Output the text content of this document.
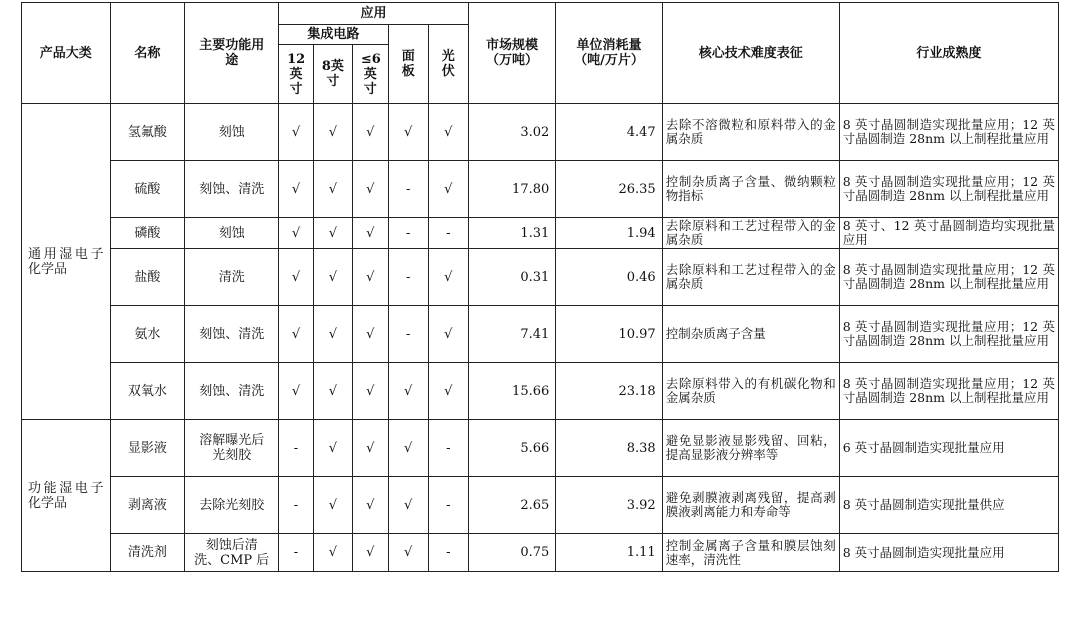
产品大类	名称	主要功能用途	应用					市场规模（万吨）	单位消耗量（吨/万片）	核心技术难度表征	行业成熟度
			集成电路			面板	光伏				
			12英寸	8英寸	≤6英寸						
通用湿电子化学品	氢氟酸	刻蚀	√	√	√	√	√	3.02	4.47	去除不溶微粒和原料带入的金属杂质	8 英寸晶圆制造实现批量应用；12 英寸晶圆制造 28nm 以上制程批量应用
	硫酸	刻蚀、清洗	√	√	√	-	√	17.80	26.35	控制杂质离子含量、微纳颗粒物指标	8 英寸晶圆制造实现批量应用；12 英寸晶圆制造 28nm 以上制程批量应用
	磷酸	刻蚀	√	√	√	-	-	1.31	1.94	去除原料和工艺过程带入的金属杂质	8 英寸、12 英寸晶圆制造均实现批量应用
	盐酸	清洗	√	√	√	-	√	0.31	0.46	去除原料和工艺过程带入的金属杂质	8 英寸晶圆制造实现批量应用；12 英寸晶圆制造 28nm 以上制程批量应用
	氨水	刻蚀、清洗	√	√	√	-	√	7.41	10.97	控制杂质离子含量	8 英寸晶圆制造实现批量应用；12 英寸晶圆制造 28nm 以上制程批量应用
	双氧水	刻蚀、清洗	√	√	√	√	√	15.66	23.18	去除原料带入的有机碳化物和金属杂质	8 英寸晶圆制造实现批量应用；12 英寸晶圆制造 28nm 以上制程批量应用
功能湿电子化学品	显影液	溶解曝光后光刻胶	-	√	√	√	-	5.66	8.38	避免显影液显影残留、回粘，提高显影液分辨率等	6 英寸晶圆制造实现批量应用
	剥离液	去除光刻胶	-	√	√	√	-	2.65	3.92	避免剥膜液剥离残留，提高剥膜液剥离能力和寿命等	8 英寸晶圆制造实现批量供应
	清洗剂	刻蚀后清洗、CMP 后	-	√	√	√	-	0.75	1.11	控制金属离子含量和膜层蚀刻速率，清洗性	8 英寸晶圆制造实现批量应用
